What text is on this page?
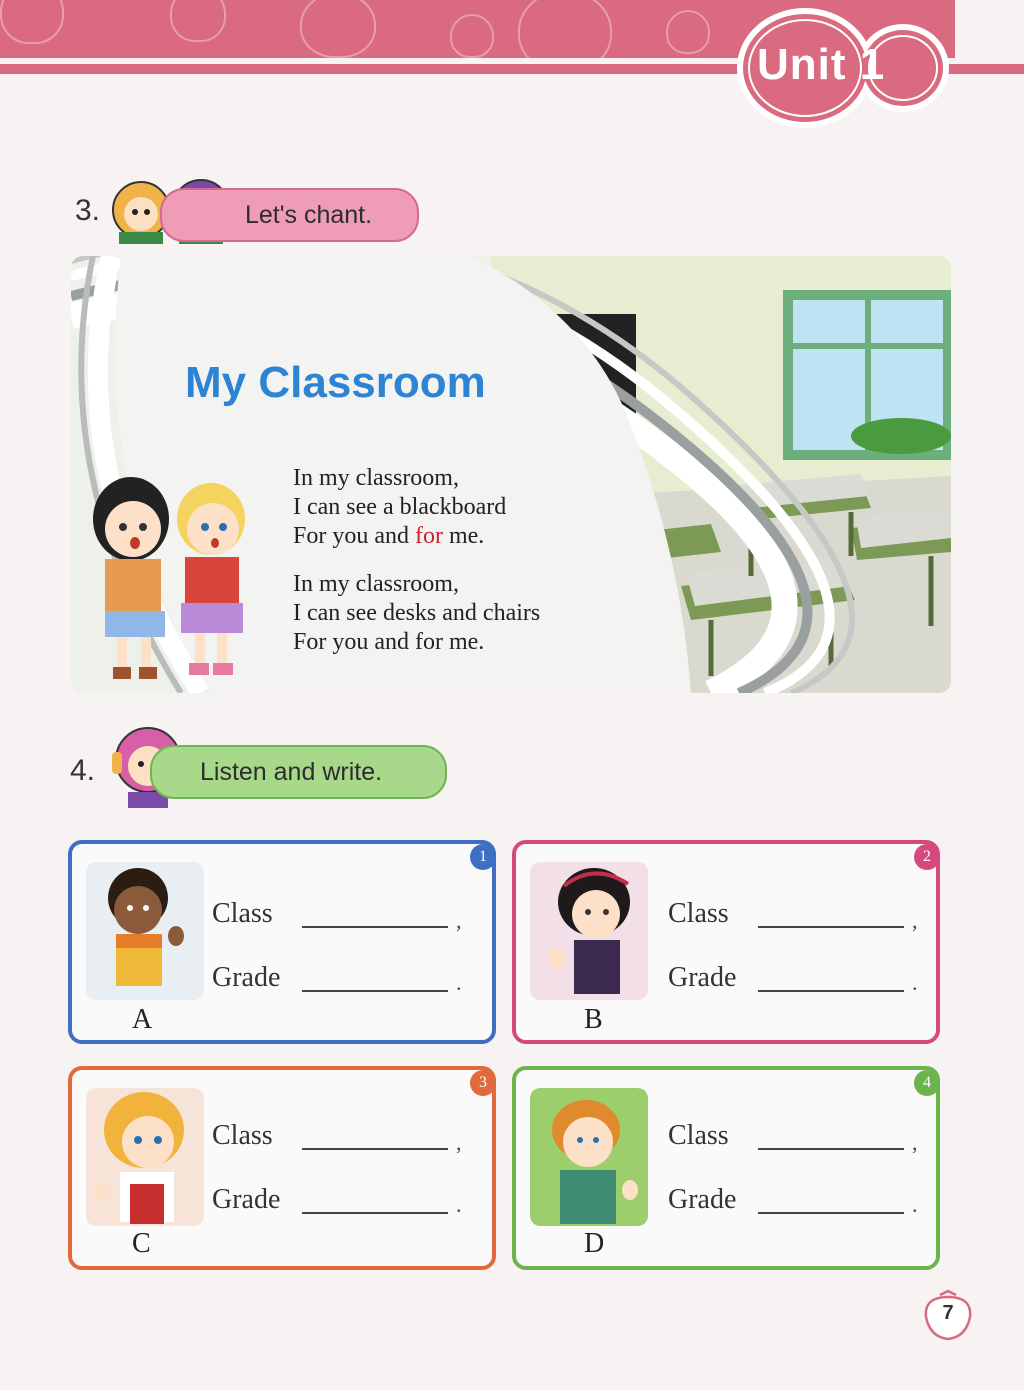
Unit 1
3.	Let's chant.
My Classroom
In my classroom,
I can see a blackboard
For you and for me.
In my classroom,
I can see desks and chairs
For you and for me.
4.	Listen and write.
1
Class	,
Grade	.
A
2
Class	,
Grade	.
B
3
Class	,
Grade	.
C
4
Class	,
Grade	.
D
7
